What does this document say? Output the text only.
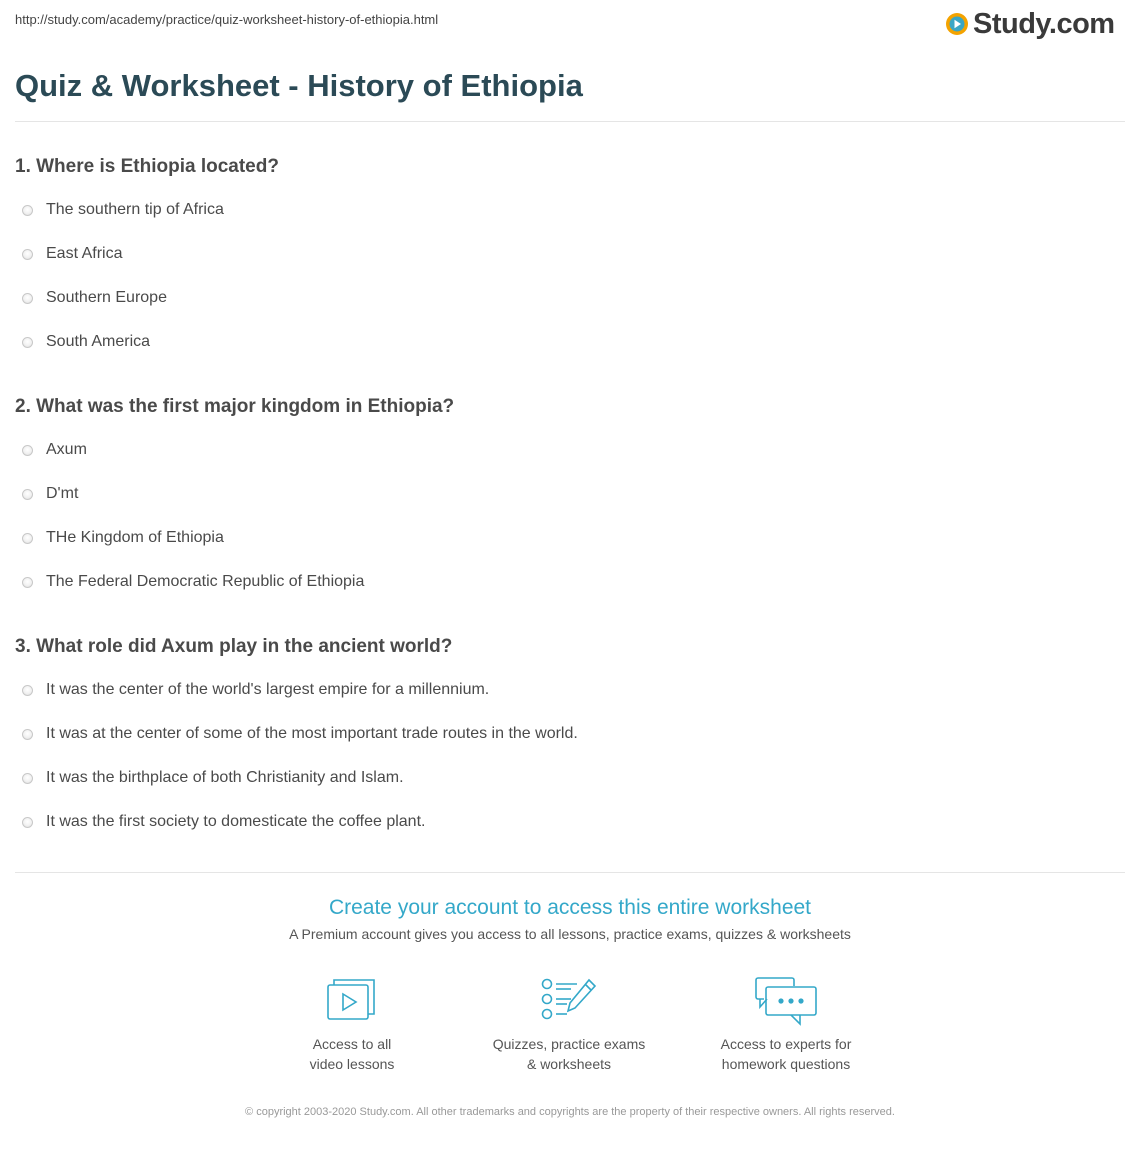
http://study.com/academy/practice/quiz-worksheet-history-of-ethiopia.html	Study.com
Quiz & Worksheet - History of Ethiopia
1. Where is Ethiopia located?
The southern tip of Africa
East Africa
Southern Europe
South America
2. What was the first major kingdom in Ethiopia?
Axum
D'mt
THe Kingdom of Ethiopia
The Federal Democratic Republic of Ethiopia
3. What role did Axum play in the ancient world?
It was the center of the world's largest empire for a millennium.
It was at the center of some of the most important trade routes in the world.
It was the birthplace of both Christianity and Islam.
It was the first society to domesticate the coffee plant.
Create your account to access this entire worksheet
A Premium account gives you access to all lessons, practice exams, quizzes & worksheets
Access to all
video lessons
Quizzes, practice exams
& worksheets
Access to experts for
homework questions
© copyright 2003-2020 Study.com. All other trademarks and copyrights are the property of their respective owners. All rights reserved.
